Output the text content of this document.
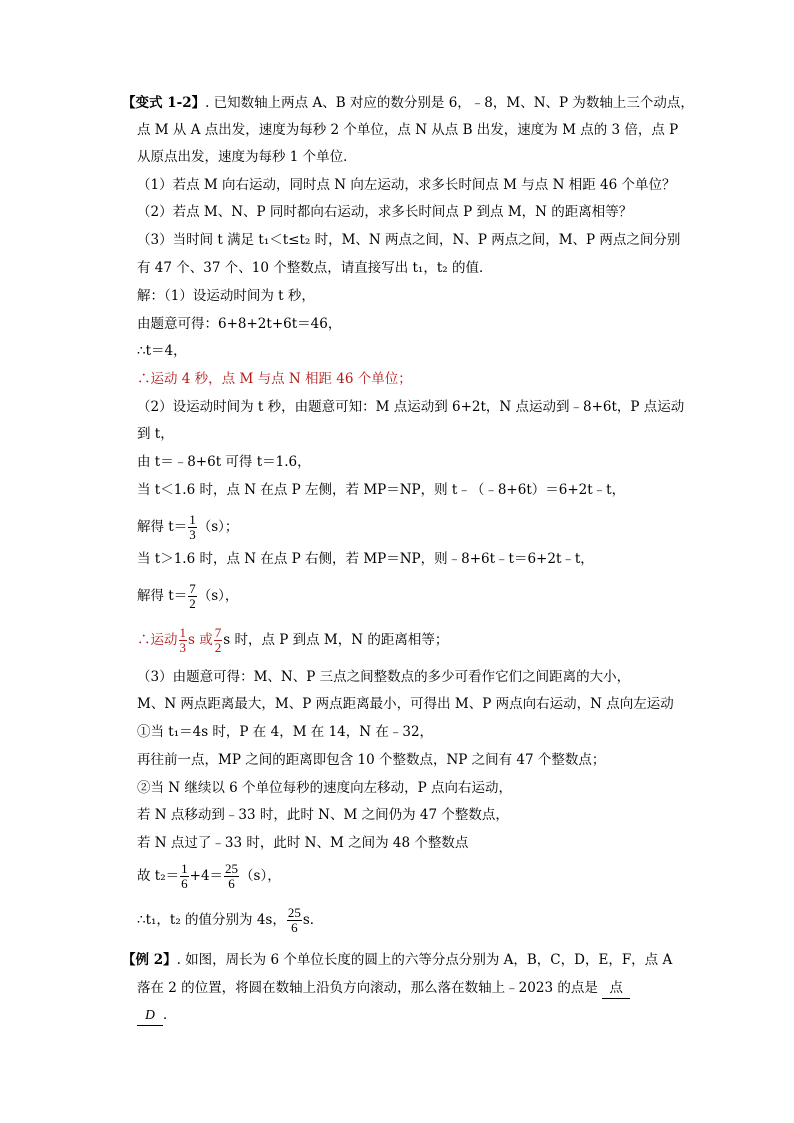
【变式 1-2】. 已知数轴上两点 A、B 对应的数分别是 6，﹣8，M、N、P 为数轴上三个动点，
点 M 从 A 点出发，速度为每秒 2 个单位，点 N 从点 B 出发，速度为 M 点的 3 倍，点 P
从原点出发，速度为每秒 1 个单位．
（1）若点 M 向右运动，同时点 N 向左运动，求多长时间点 M 与点 N 相距 46 个单位？
（2）若点 M、N、P 同时都向右运动，求多长时间点 P 到点 M，N 的距离相等？
（3）当时间 t 满足 t₁＜t≤t₂ 时，M、N 两点之间，N、P 两点之间，M、P 两点之间分别
有 47 个、37 个、10 个整数点，请直接写出 t₁，t₂ 的值．
解：（1）设运动时间为 t 秒，
由题意可得：6+8+2t+6t＝46，
∴t＝4，
∴运动 4 秒，点 M 与点 N 相距 46 个单位；
（2）设运动时间为 t 秒，由题意可知：M 点运动到 6+2t，N 点运动到﹣8+6t，P 点运动
到 t，
由 t＝﹣8+6t 可得 t＝1.6，
当 t＜1.6 时，点 N 在点 P 左侧，若 MP＝NP，则 t﹣（﹣8+6t）＝6+2t﹣t，
解得 $t= \frac{1}{3} (s)$；
当 t＞1.6 时，点 N 在点 P 右侧，若 MP＝NP，则﹣8+6t﹣t＝6+2t﹣t，
解得 $t= \frac{7}{2} (s)$，
∴运动 $\frac{1}{3}$ s 或 $\frac{7}{2}$ s 时，点 P 到点 M，N 的距离相等；
（3）由题意可得：M、N、P 三点之间整数点的多少可看作它们之间距离的大小，
M、N 两点距离最大，M、P 两点距离最小，可得出 M、P 两点向右运动，N 点向左运动
①当 t₁＝4s 时，P 在 4，M 在 14，N 在﹣32，
再往前一点，MP 之间的距离即包含 10 个整数点，NP 之间有 47 个整数点；
②当 N 继续以 6 个单位每秒的速度向左移动，P 点向右运动，
若 N 点移动到﹣33 时，此时 N、M 之间仍为 47 个整数点，
若 N 点过了﹣33 时，此时 N、M 之间为 48 个整数点
故 $t_2= \frac{1}{6} +4= \frac{25}{6} (s)$，
∴t₁，t₂ 的值分别为 4s， $\frac{25}{6}$ s．
【例 2】. 如图，周长为 6 个单位长度的圆上的六等分点分别为 A，B，C，D，E，F，点 A
落在 2 的位置，将圆在数轴上沿负方向滚动，那么落在数轴上﹣2023 的点是 点
D ．
